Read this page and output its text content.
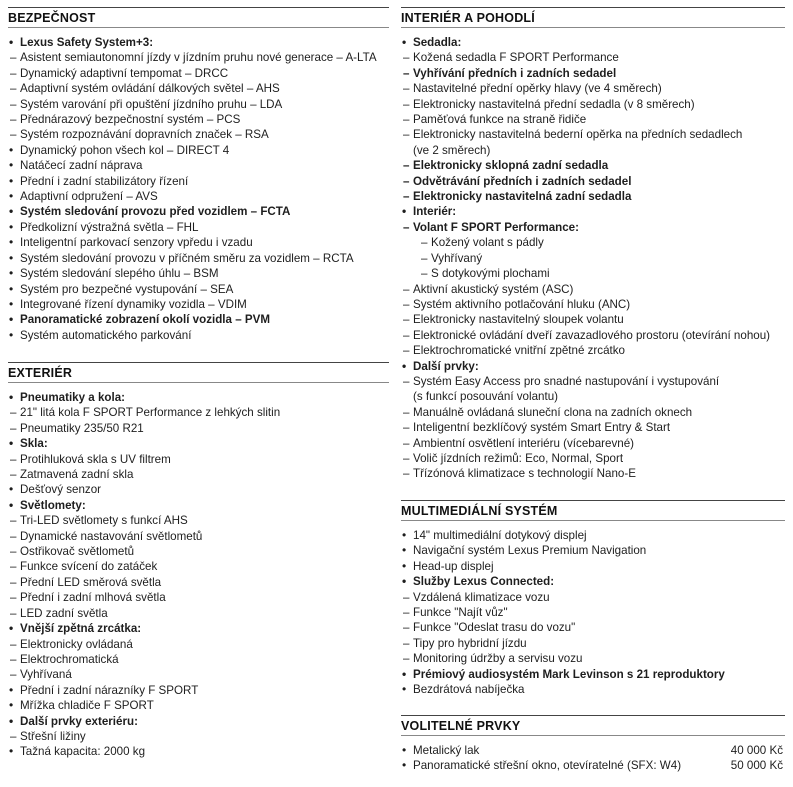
BEZPEČNOST
• Lexus Safety System+3:
– Asistent semiautonomní jízdy v jízdním pruhu nové generace – A-LTA
– Dynamický adaptivní tempomat – DRCC
– Adaptivní systém ovládání dálkových světel – AHS
– Systém varování při opuštění jízdního pruhu – LDA
– Přednárazový bezpečnostní systém – PCS
– Systém rozpoznávání dopravních značek – RSA
• Dynamický pohon všech kol – DIRECT 4
• Natáčecí zadní náprava
• Přední i zadní stabilizátory řízení
• Adaptivní odpružení – AVS
• Systém sledování provozu před vozidlem – FCTA
• Předkolizní výstražná světla – FHL
• Inteligentní parkovací senzory vpředu i vzadu
• Systém sledování provozu v příčném směru za vozidlem – RCTA
• Systém sledování slepého úhlu – BSM
• Systém pro bezpečné vystupování – SEA
• Integrované řízení dynamiky vozidla – VDIM
• Panoramatické zobrazení okolí vozidla – PVM
• Systém automatického parkování
EXTERIÉR
• Pneumatiky a kola:
– 21" litá kola F SPORT Performance z lehkých slitin
– Pneumatiky 235/50 R21
• Skla:
– Protihluková skla s UV filtrem
– Zatmavená zadní skla
• Dešťový senzor
• Světlomety:
– Tri-LED světlomety s funkcí AHS
– Dynamické nastavování světlometů
– Ostřikovač světlometů
– Funkce svícení do zatáček
– Přední LED směrová světla
– Přední i zadní mlhová světla
– LED zadní světla
• Vnější zpětná zrcátka:
– Elektronicky ovládaná
– Elektrochromatická
– Vyhřívaná
• Přední i zadní nárazníky F SPORT
• Mřížka chladiče F SPORT
• Další prvky exteriéru:
– Střešní ližiny
• Tažná kapacita: 2000 kg
INTERIÉR A POHODLÍ
• Sedadla:
– Kožená sedadla F SPORT Performance
– Vyhřívání předních i zadních sedadel
– Nastavitelné přední opěrky hlavy (ve 4 směrech)
– Elektronicky nastavitelná přední sedadla (v 8 směrech)
– Paměťová funkce na straně řidiče
– Elektronicky nastavitelná bederní opěrka na předních sedadlech
(ve 2 směrech)
– Elektronicky sklopná zadní sedadla
– Odvětrávání předních i zadních sedadel
– Elektronicky nastavitelná zadní sedadla
• Interiér:
– Volant F SPORT Performance:
– Kožený volant s pádly
– Vyhřívaný
– S dotykovými plochami
– Aktivní akustický systém (ASC)
– Systém aktivního potlačování hluku (ANC)
– Elektronicky nastavitelný sloupek volantu
– Elektronické ovládání dveří zavazadlového prostoru (otevírání nohou)
– Elektrochromatické vnitřní zpětné zrcátko
• Další prvky:
– Systém Easy Access pro snadné nastupování i vystupování
(s funkcí posouvání volantu)
– Manuálně ovládaná sluneční clona na zadních oknech
– Inteligentní bezklíčový systém Smart Entry & Start
– Ambientní osvětlení interiéru (vícebarevné)
– Volič jízdních režimů: Eco, Normal, Sport
– Třízónová klimatizace s technologií Nano-E
MULTIMEDIÁLNÍ SYSTÉM
• 14" multimediální dotykový displej
• Navigační systém Lexus Premium Navigation
• Head-up displej
• Služby Lexus Connected:
– Vzdálená klimatizace vozu
– Funkce "Najít vůz"
– Funkce "Odeslat trasu do vozu"
– Tipy pro hybridní jízdu
– Monitoring údržby a servisu vozu
• Prémiový audiosystém Mark Levinson s 21 reproduktory
• Bezdrátová nabíječka
VOLITELNÉ PRVKY
• Metalický lak	40 000 Kč
• Panoramatické střešní okno, otevíratelné (SFX: W4)	50 000 Kč
